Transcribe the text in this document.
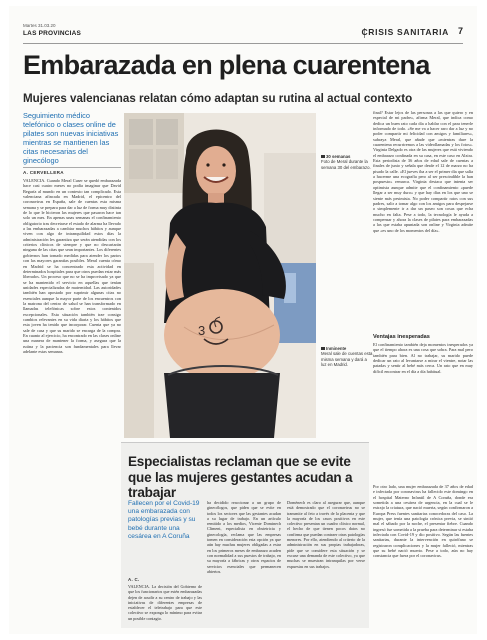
Martes 31.03.20
LAS PROVINCIAS	CRISIS SANITARIA 7
Embarazada en plena cuarentena
Mujeres valencianas relatan cómo adaptan su rutina al actual contexto

Seguimiento médico telefónico o clases online de pilates son nuevas iniciativas mientras se mantienen las citas necesarias del ginecólogo

A. CERVELLERA

VALENCIA. Cuando Meral Cuser se quedó embarazada hace casi cuatro meses no podía imaginar que David Begaría al mundo en un contexto tan complicado. Esta valenciana afincada en Madrid, el epicentro del coronavirus en España, sale de cuentas esta misma semana y se prepara para dar a luz de forma muy distinta de lo que le hicieron las mujeres que pasaron hace tan solo un mes. En apenas unas semanas el confinamiento obligatorio tras decretarse el estado de alarma ha llevado a las embarazadas a cambiar muchos hábitos y aunque viven con algo de intranquilidad estos días la administración les garantiza que serán atendidas con los criterios clínicos de siempre y que no descartarán ninguna de las citas que sean importantes. Los diferentes gobiernos han tomado medidas para atender los partos con las mayores garantías posibles. Meral cuenta cómo en Madrid se ha concentrado esta actividad en determinados hospitales para que otros puedan estar más liberados. Un proceso que no se ha improvisado ya que se ha mantenido el servicio en aquellas que tenían unidades especializadas de maternidad. Las autoridades también han apostado por suprimir algunas citas no esenciales aunque la mayor parte de los encuentros con la matrona del centro de salud se han transformado en llamadas telefónicas sobre estos contenidos excepcionales. Esta situación también trae consigo cambios relevantes en su vida diaria y los hábitos que esta joven ha tenido que incorporar. Cuenta que ya no sale de casa y que su marido se encarga de la compra. En cuanto al ejercicio, ha encontrado en las clases online una manera de mantener la forma, y asegura que la rutina y la paciencia son fundamentales para llevar adelante estas semanas.

3
30 semanas
Foto de Meral durante la semana 30 del embarazo.
Inminente
Meral sale de cuentas esta misma semana y dará a luz en Madrid.

final? Estar lejos de las personas a las que quiero y en especial de mi padre», afirma Meral, que indica como dedica un buen rato cada día a hablar con el para tenerle informado de todo. «Se me va a hacer raro dar a luz y no poder compartir mi felicidad con amigos y familiares», subraya Meral, que añade que «mientras dure la cuarentena recurriremos a las videollamadas y los fotos». Virginia Delgado es otra de las mujeres que está viviendo el embarazo confinada en su casa, en este caso en Alzira. Esta periodista de 36 años de edad sale de cuentas a finales de junio y señala que desde el 12 de marzo no ha pisado la calle. «El jueves iba a ser el primer día que salía a hacerme una ecografía pero al ser prescindible la han pospuesto» remarca. Virginia destaca que intenta ser optimista aunque admite que el confinamiento «puede llegar a ser muy duro» y que hay días en los que uno se siente más pesimista. No poder compartir ratos con sus padres, salir a tomar algo con los amigos para despejarse o simplemente ir a dar un paseo son cosas que echa mucho en falta. Pese a todo, la tecnología le ayuda a compensar y ahora la clases de pilates para embarazadas a las que estaba apuntada son online y Virginia admite que «es uno de los momentos del día».

Ventajas inesperadas

El confinamiento también deja momentos inesperados ya que el tiempo ahora es una cosa que sobra. Para mal pero también para bien. Al no trabajar, su marido puede dedicar un rato al levantarse a mirar el vientre, notar las patadas y sentir al bebé más cerca. Un rato que en muy difícil encontrar en el día a día habitual.

Por otro lado, una mujer embarazada de 37 años de edad e infectada por coronavirus ha fallecido este domingo en el hospital Materno Infantil de A Coruña, donde era sometida a una cesárea de urgencia, en la cual se le extrajo la criatura, que nació muerta, según confirmaron a Europa Press fuentes sanitarias conocedoras del caso. La mujer, que tenía una patología crónica previa, se sintió mal el sábado por la noche, el presentar fiebre. Cuando ingresó fue sometida a la prueba para determinar si estaba infectada con Covid-19 y dio positivo. Según las fuentes sanitarias, durante la intervención en quirófano se registraron complicaciones y la mujer falleció, mientras que su bebé nació muerto. Pese a todo, aún no hay constancia que fuera por el coronavirus.

Especialistas reclaman que se evite que las mujeres gestantes acudan a trabajar

Fallecen por el Covid-19 una embarazada con patologías previas y su bebé durante una cesárea en A Coruña

A. C.

VALENCIA. La decisión del Gobierno de que los funcionarios que estén embarazadas dejen de acudir a su centro de trabajo y las iniciativas de diferentes empresas de establecer el teletrabajo para que este colectivo se exponga lo mínimo para evitar un posible contagio.

ha decidido reaccionar a un grupo de ginecólogos, que piden que se evite en todos los sectores que las gestantes acudan a su lugar de trabajo. En un artículo remitido a los medios, Vicente Dominech Climent, especialista en obstetricia y ginecología, reclama que las empresas tomen en consideración esta opción ya que aún hay muchas mujeres obligadas a estar en los primeros meses de embarazo acuden con normalidad a sus puestos de trabajo, en su mayoría a fábricas y otros espacios de servicios esenciales que permanecen abiertos.

Domènech es claro al asegurar que, aunque está demostrado que el coronavirus no se transmite al feto a través de la placenta y que la mayoría de los casos positivos en este colectivo presentan un cuadro clínico normal, el hecho de que tienen pocos datos no confirma que puedan contraer otras patologías menores. Por ello, atendiendo al criterio de la administración en sus propias trabajadoras, pide que se considere esta situación y se excuse una demanda de este colectivo, ya que muchas se muestran intranquilas por verse expuestas en sus trabajos.
